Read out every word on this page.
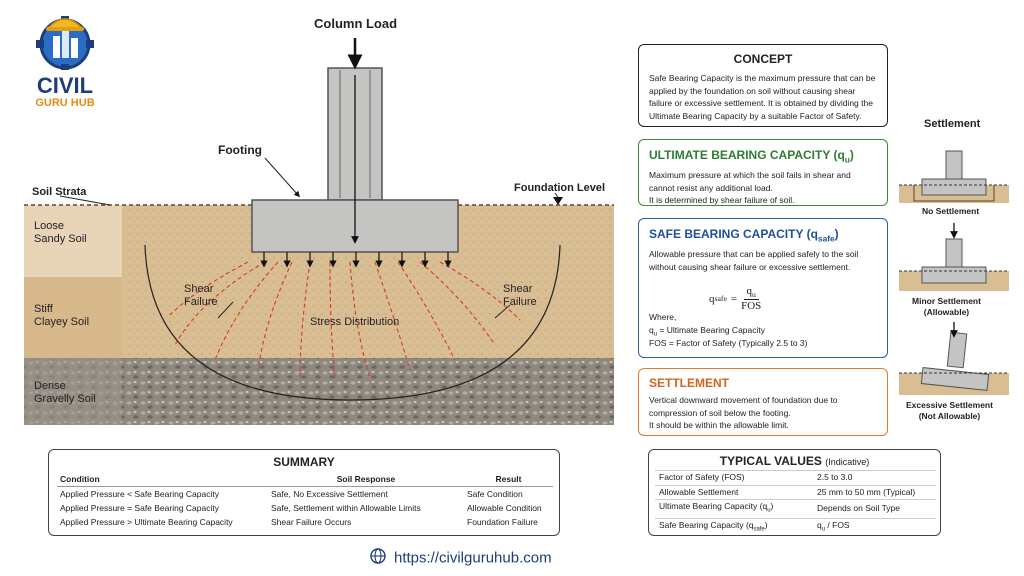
CIVIL
GURU HUB
Column Load
Footing
Soil Strata	Foundation Level
Loose
Sandy Soil
Stiff
Clayey Soil
Dense
Gravelly Soil
Shear
Failure
Shear
Failure
Stress Distribution
CONCEPT

Safe Bearing Capacity is the maximum pressure that can be applied by the foundation on soil without causing shear failure or excessive settlement. It is obtained by dividing the Ultimate Bearing Capacity by a suitable Factor of Safety.

ULTIMATE BEARING CAPACITY $(q_u)$

Maximum pressure at which the soil fails in shear and cannot resist any additional load.

It is determined by shear failure of soil.

SAFE BEARING CAPACITY $(q_{safe})$

Allowable pressure that can be applied safely to the soil without causing shear failure or excessive settlement.

q safe =
$q_u$
FOS

Where,

$q_u$ = Ultimate Bearing Capacity

FOS = Factor of Safety (Typically 2.5 to 3)

SETTLEMENT

Vertical downward movement of foundation due to compression of soil below the footing.

It should be within the allowable limit.

Settlement
No Settlement
Minor Settlement
(Allowable)
Excessive Settlement
(Not Allowable)
SUMMARY
Condition	Soil Response	Result
Applied Pressure < Safe Bearing Capacity	Safe, No Excessive Settlement	Safe Condition
Applied Pressure = Safe Bearing Capacity	Safe, Settlement within Allowable Limits	Allowable Condition
Applied Pressure > Ultimate Bearing Capacity	Shear Failure Occurs	Foundation Failure
TYPICAL VALUES (Indicative)
Factor of Safety (FOS)	2.5 to 3.0
Allowable Settlement	25 mm to 50 mm (Typical)
Ultimate Bearing Capacity $(q_u)$	Depends on Soil Type
Safe Bearing Capacity $(q_{safe})$	$q_u$ / FOS
https://civilguruhub.com
